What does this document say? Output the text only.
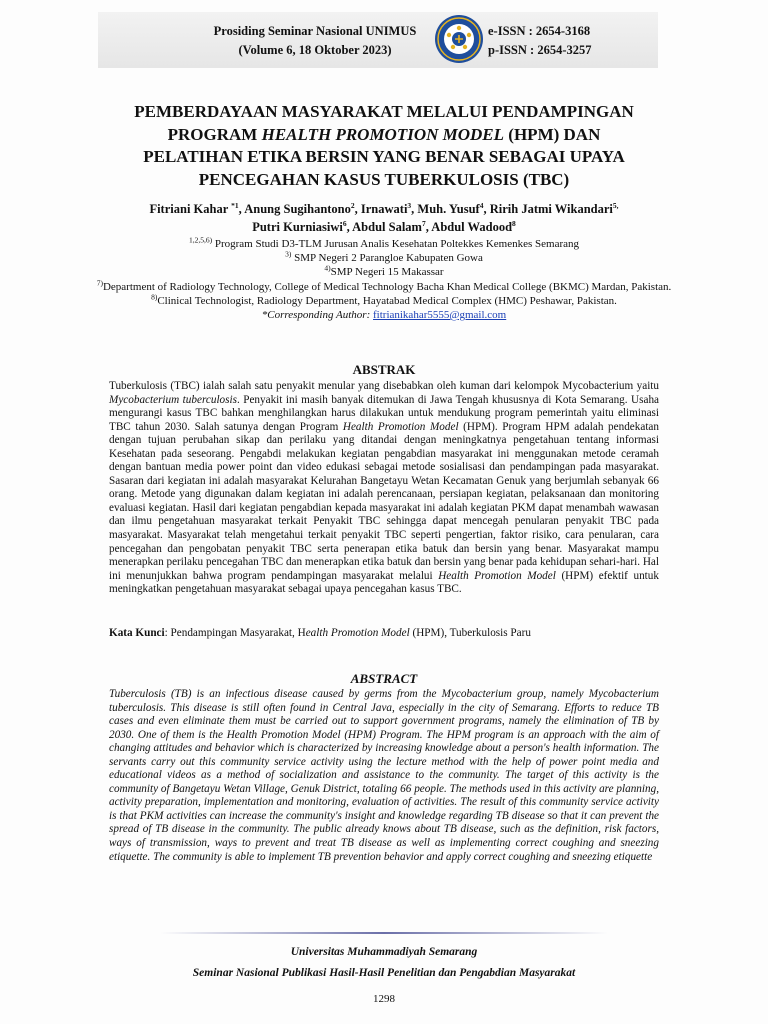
Prosiding Seminar Nasional UNIMUS
(Volume 6, 18 Oktober 2023)
e-ISSN : 2654-3168
p-ISSN : 2654-3257
PEMBERDAYAAN MASYARAKAT MELALUI PENDAMPINGAN
PROGRAM HEALTH PROMOTION MODEL (HPM) DAN
PELATIHAN ETIKA BERSIN YANG BENAR SEBAGAI UPAYA
PENCEGAHAN KASUS TUBERKULOSIS (TBC)
Fitriani Kahar $^{*1}$, Anung Sugihantono$^2$, Irnawati$^3$, Muh. Yusuf$^4$, Ririh Jatmi Wikandari$^{5,}$
Putri Kurniasiwi$^6$, Abdul Salam$^7$, Abdul Wadood$^8$
$^{1,2,5,6)}$ Program Studi D3-TLM Jurusan Analis Kesehatan Poltekkes Kemenkes Semarang
$^{3)}$ SMP Negeri 2 Parangloe Kabupaten Gowa
$^{4)}$SMP Negeri 15 Makassar
$^{7)}$Department of Radiology Technology, College of Medical Technology Bacha Khan Medical College (BKMC) Mardan, Pakistan.
$^{8)}$Clinical Technologist, Radiology Department, Hayatabad Medical Complex (HMC) Peshawar, Pakistan.
*Corresponding Author: fitrianikahar5555@gmail.com
ABSTRAK

Tuberkulosis (TBC) ialah salah satu penyakit menular yang disebabkan oleh kuman dari kelompok Mycobacterium yaitu Mycobacterium tuberculosis. Penyakit ini masih banyak ditemukan di Jawa Tengah khususnya di Kota Semarang. Usaha mengurangi kasus TBC bahkan menghilangkan harus dilakukan untuk mendukung program pemerintah yaitu eliminasi TBC tahun 2030. Salah satunya dengan Program Health Promotion Model (HPM). Program HPM adalah pendekatan dengan tujuan perubahan sikap dan perilaku yang ditandai dengan meningkatnya pengetahuan tentang informasi Kesehatan pada seseorang. Pengabdi melakukan kegiatan pengabdian masyarakat ini menggunakan metode ceramah dengan bantuan media power point dan video edukasi sebagai metode sosialisasi dan pendampingan pada masyarakat. Sasaran dari kegiatan ini adalah masyarakat Kelurahan Bangetayu Wetan Kecamatan Genuk yang berjumlah sebanyak 66 orang. Metode yang digunakan dalam kegiatan ini adalah perencanaan, persiapan kegiatan, pelaksanaan dan monitoring evaluasi kegiatan. Hasil dari kegiatan pengabdian kepada masyarakat ini adalah kegiatan PKM dapat menambah wawasan dan ilmu pengetahuan masyarakat terkait Penyakit TBC sehingga dapat mencegah penularan penyakit TBC pada masyarakat. Masyarakat telah mengetahui terkait penyakit TBC seperti pengertian, faktor risiko, cara penularan, cara pencegahan dan pengobatan penyakit TBC serta penerapan etika batuk dan bersin yang benar. Masyarakat mampu menerapkan perilaku pencegahan TBC dan menerapkan etika batuk dan bersin yang benar pada kehidupan sehari-hari. Hal ini menunjukkan bahwa program pendampingan masyarakat melalui Health Promotion Model (HPM) efektif untuk meningkatkan pengetahuan masyarakat sebagai upaya pencegahan kasus TBC.

Kata Kunci: Pendampingan Masyarakat, Health Promotion Model (HPM), Tuberkulosis Paru
ABSTRACT

Tuberculosis (TB) is an infectious disease caused by germs from the Mycobacterium group, namely Mycobacterium tuberculosis. This disease is still often found in Central Java, especially in the city of Semarang. Efforts to reduce TB cases and even eliminate them must be carried out to support government programs, namely the elimination of TB by 2030. One of them is the Health Promotion Model (HPM) Program. The HPM program is an approach with the aim of changing attitudes and behavior which is characterized by increasing knowledge about a person's health information. The servants carry out this community service activity using the lecture method with the help of power point media and educational videos as a method of socialization and assistance to the community. The target of this activity is the community of Bangetayu Wetan Village, Genuk District, totaling 66 people. The methods used in this activity are planning, activity preparation, implementation and monitoring, evaluation of activities. The result of this community service activity is that PKM activities can increase the community's insight and knowledge regarding TB disease so that it can prevent the spread of TB disease in the community. The public already knows about TB disease, such as the definition, risk factors, ways of transmission, ways to prevent and treat TB disease as well as implementing correct coughing and sneezing etiquette. The community is able to implement TB prevention behavior and apply correct coughing and sneezing etiquette

Universitas Muhammadiyah Semarang
Seminar Nasional Publikasi Hasil-Hasil Penelitian dan Pengabdian Masyarakat
1298
